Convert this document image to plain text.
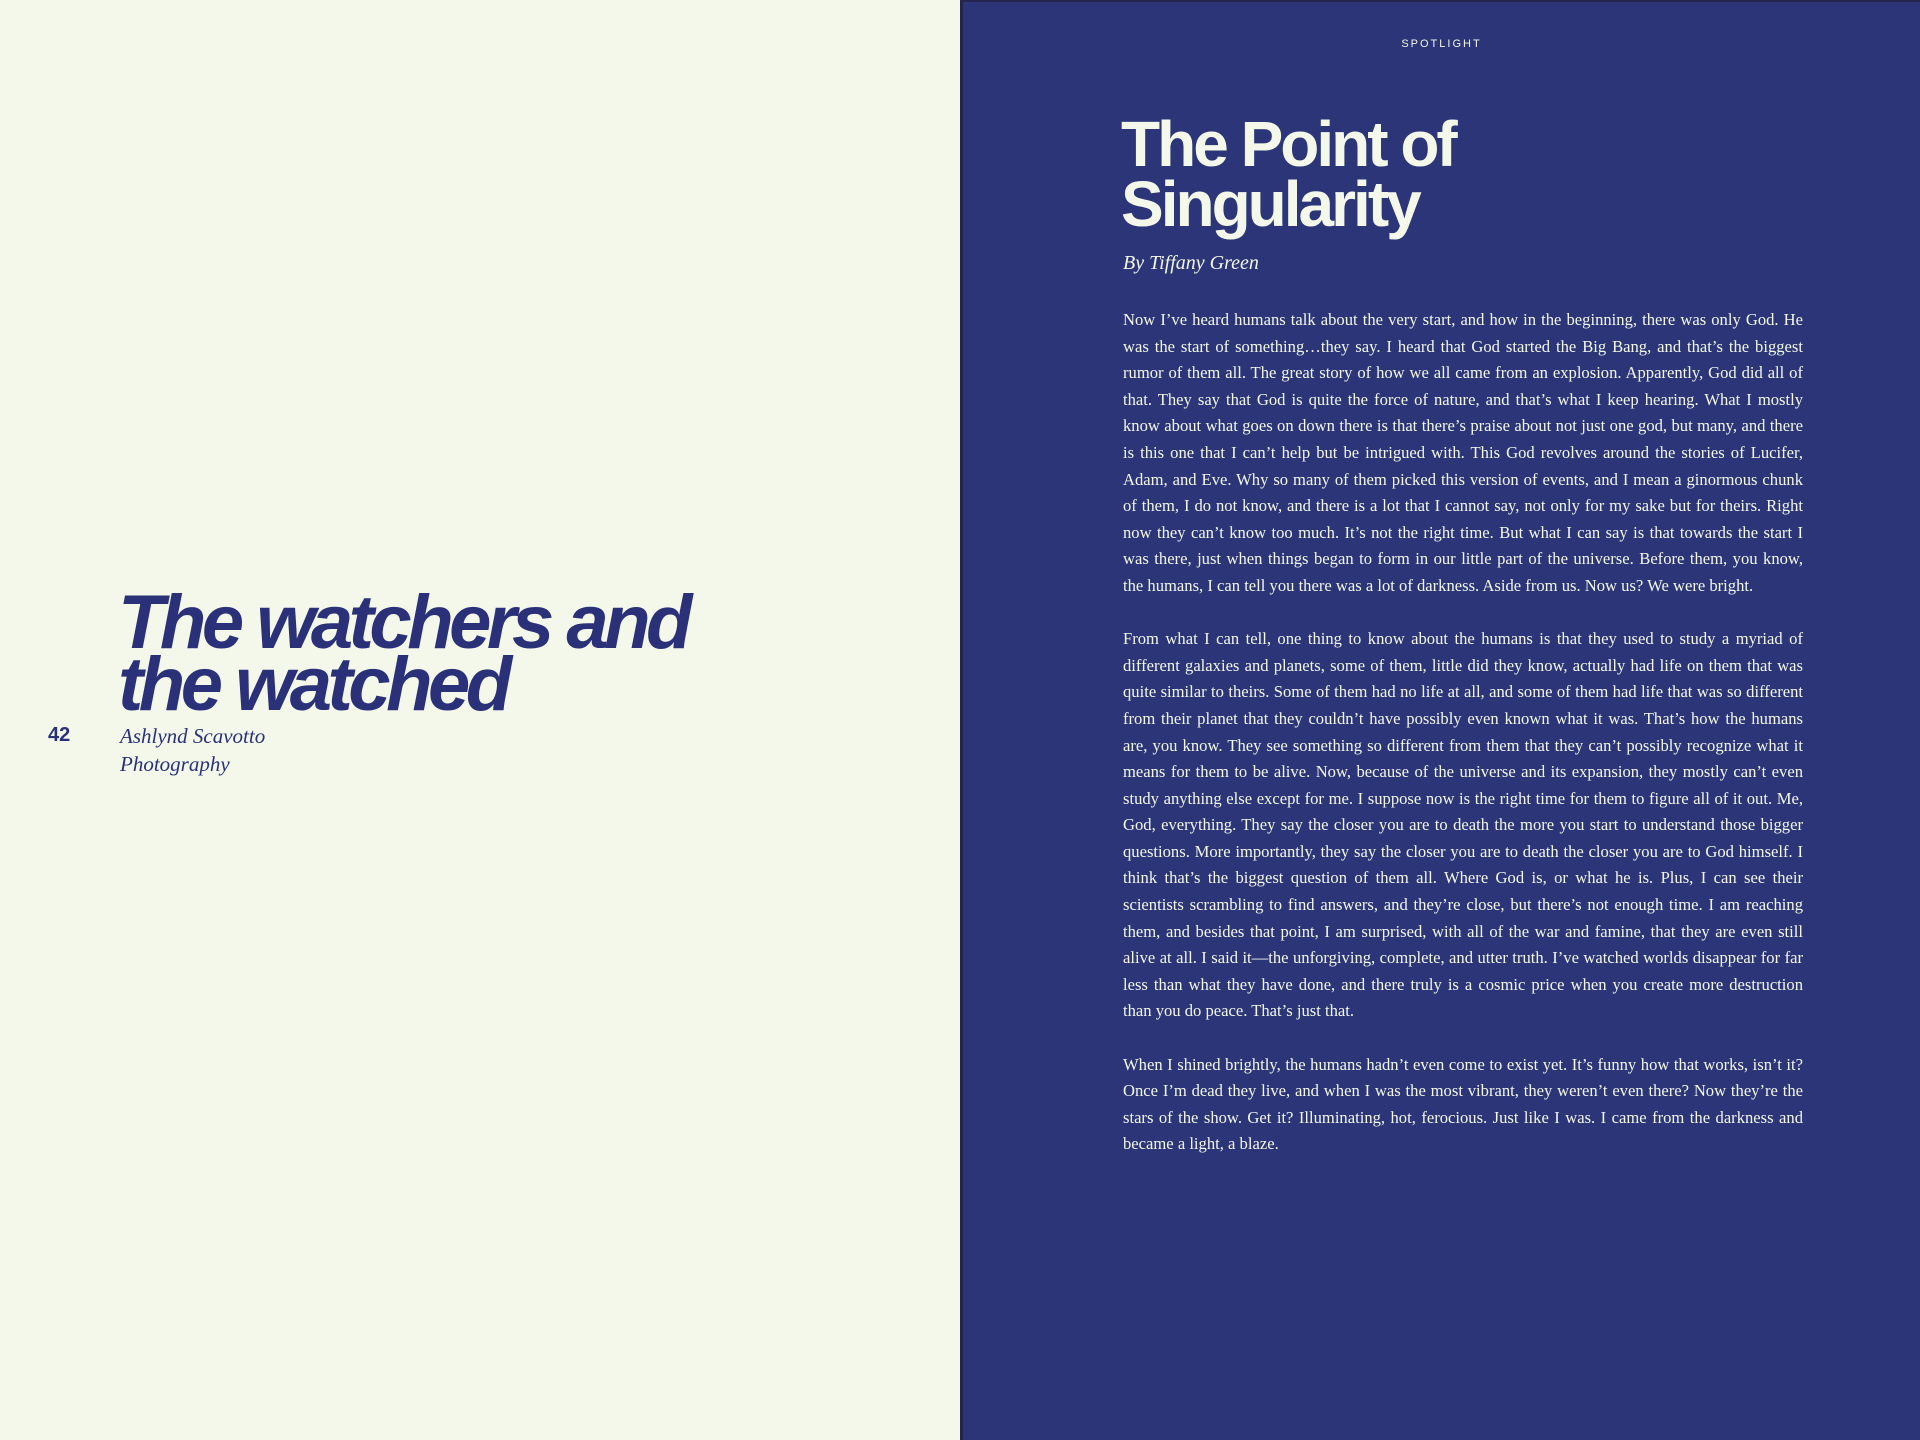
The watchers and
the watched
42 Ashlynd Scavotto
Photography
SPOTLIGHT
The Point of
Singularity
By Tiffany Green

Now I’ve heard humans talk about the very start, and how in the beginning, there was only God. He was the start of something…they say. I heard that God started the Big Bang, and that’s the biggest rumor of them all. The great story of how we all came from an explosion. Apparently, God did all of that. They say that God is quite the force of nature, and that’s what I keep hearing. What I mostly know about what goes on down there is that there’s praise about not just one god, but many, and there is this one that I can’t help but be intrigued with. This God revolves around the stories of Lucifer, Adam, and Eve. Why so many of them picked this version of events, and I mean a ginormous chunk of them, I do not know, and there is a lot that I cannot say, not only for my sake but for theirs. Right now they can’t know too much. It’s not the right time. But what I can say is that towards the start I was there, just when things began to form in our little part of the universe. Before them, you know, the humans, I can tell you there was a lot of darkness. Aside from us. Now us? We were bright.

From what I can tell, one thing to know about the humans is that they used to study a myriad of different galaxies and planets, some of them, little did they know, actually had life on them that was quite similar to theirs. Some of them had no life at all, and some of them had life that was so different from their planet that they couldn’t have possibly even known what it was. That’s how the humans are, you know. They see something so different from them that they can’t possibly recognize what it means for them to be alive. Now, because of the universe and its expansion, they mostly can’t even study anything else except for me. I suppose now is the right time for them to figure all of it out. Me, God, everything. They say the closer you are to death the more you start to understand those bigger questions. More importantly, they say the closer you are to death the closer you are to God himself. I think that’s the biggest question of them all. Where God is, or what he is. Plus, I can see their scientists scrambling to find answers, and they’re close, but there’s not enough time. I am reaching them, and besides that point, I am surprised, with all of the war and famine, that they are even still alive at all. I said it—the unforgiving, complete, and utter truth. I’ve watched worlds disappear for far less than what they have done, and there truly is a cosmic price when you create more destruction than you do peace. That’s just that.

When I shined brightly, the humans hadn’t even come to exist yet. It’s funny how that works, isn’t it? Once I’m dead they live, and when I was the most vibrant, they weren’t even there? Now they’re the stars of the show. Get it? Illuminating, hot, ferocious. Just like I was. I came from the darkness and became a light, a blaze.
